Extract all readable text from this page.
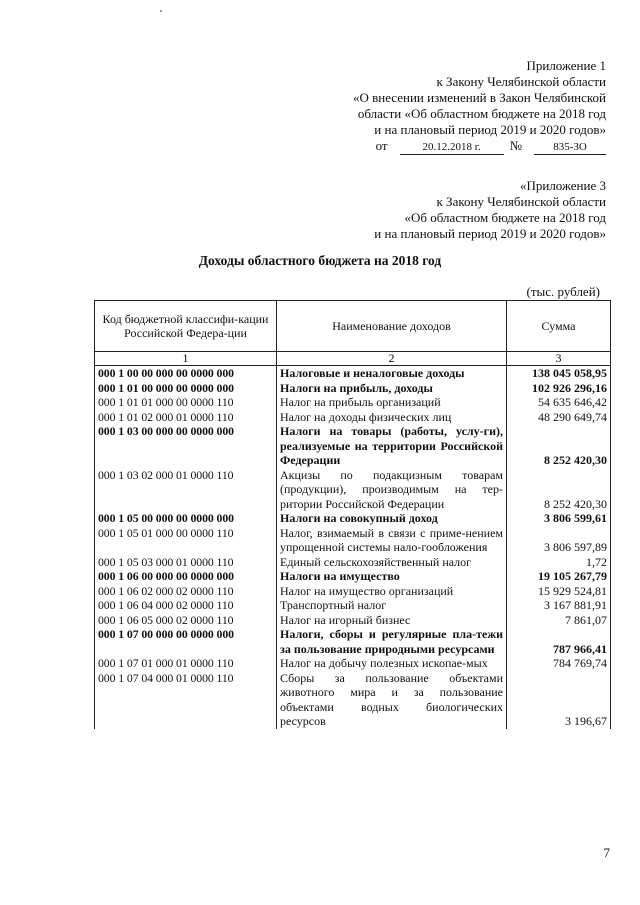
Приложение 1
к Закону Челябинской области
«О внесении изменений в Закон Челябинской
области «Об областном бюджете на 2018 год
и на плановый период 2019 и 2020 годов»
от	20.12.2018 г.	№	835-ЗО
«Приложение 3
к Закону Челябинской области
«Об областном бюджете на 2018 год
и на плановый период 2019 и 2020 годов»
Доходы областного бюджета на 2018 год
(тыс. рублей)
Код бюджетной классифи-кации Российской Федера-ции	Наименование доходов	Сумма
1	2	3
000 1 00 00 000 00 0000 000	Налоговые и неналоговые доходы	138 045 058,95
000 1 01 00 000 00 0000 000	Налоги на прибыль, доходы	102 926 296,16
000 1 01 01 000 00 0000 110	Налог на прибыль организаций	54 635 646,42
000 1 01 02 000 01 0000 110	Налог на доходы физических лиц	48 290 649,74
000 1 03 00 000 00 0000 000	Налоги на товары (работы, услу-ги), реализуемые на территории Российской Федерации	8 252 420,30
000 1 03 02 000 01 0000 110	Акцизы по подакцизным товарам (продукции), производимым на тер-ритории Российской Федерации	8 252 420,30
000 1 05 00 000 00 0000 000	Налоги на совокупный доход	3 806 599,61
000 1 05 01 000 00 0000 110	Налог, взимаемый в связи с приме-нением упрощенной системы нало-гообложения	3 806 597,89
000 1 05 03 000 01 0000 110	Единый сельскохозяйственный налог	1,72
000 1 06 00 000 00 0000 000	Налоги на имущество	19 105 267,79
000 1 06 02 000 02 0000 110	Налог на имущество организаций	15 929 524,81
000 1 06 04 000 02 0000 110	Транспортный налог	3 167 881,91
000 1 06 05 000 02 0000 110	Налог на игорный бизнес	7 861,07
000 1 07 00 000 00 0000 000	Налоги, сборы и регулярные пла-тежи за пользование природными ресурсами	787 966,41
000 1 07 01 000 01 0000 110	Налог на добычу полезных ископае-мых	784 769,74
000 1 07 04 000 01 0000 110	Сборы за пользование объектами животного мира и за пользование объектами водных биологических ресурсов	3 196,67
7
